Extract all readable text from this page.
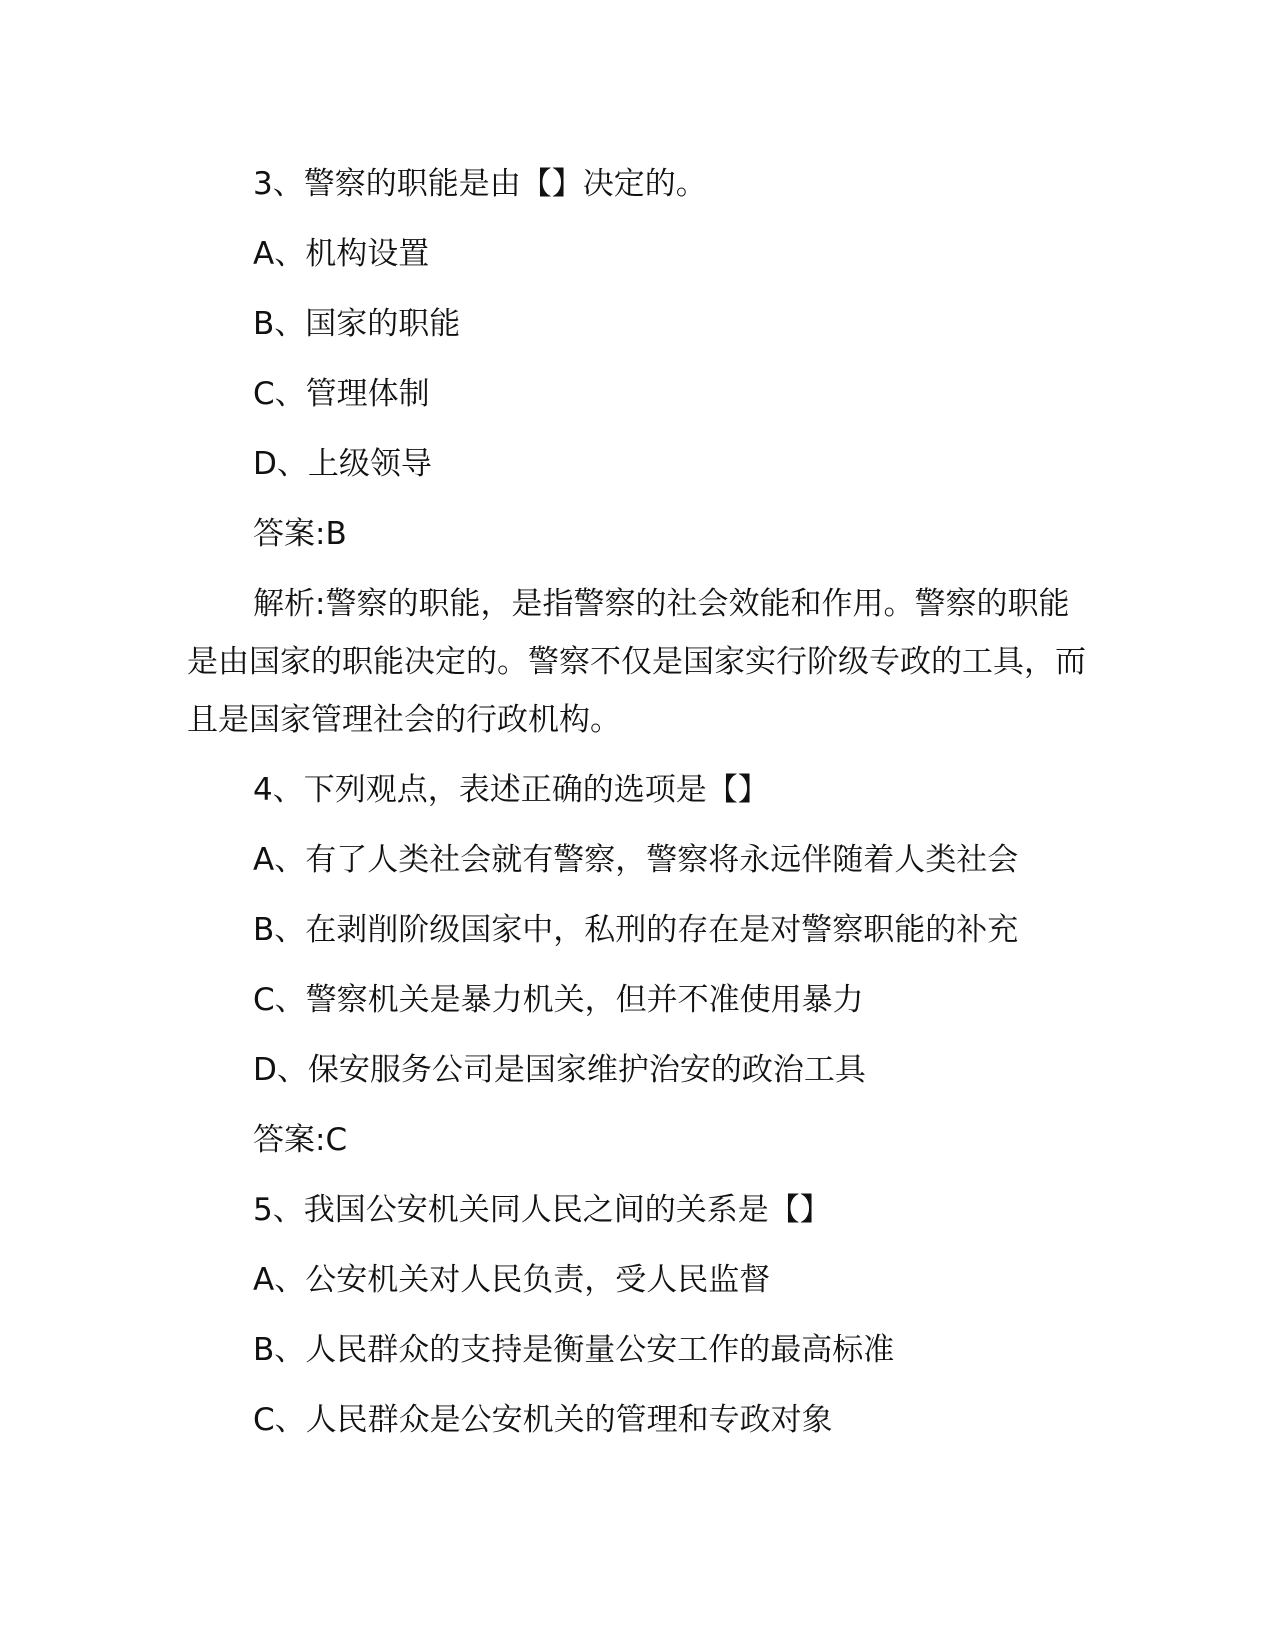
3、警察的职能是由【】决定的。
A、机构设置
B、国家的职能
C、管理体制
D、上级领导
答案:B
解析:警察的职能，是指警察的社会效能和作用。警察的职能是由国家的职能决定的。警察不仅是国家实行阶级专政的工具，而且是国家管理社会的行政机构。
4、下列观点，表述正确的选项是【】
A、有了人类社会就有警察，警察将永远伴随着人类社会
B、在剥削阶级国家中，私刑的存在是对警察职能的补充
C、警察机关是暴力机关，但并不准使用暴力
D、保安服务公司是国家维护治安的政治工具
答案:C
5、我国公安机关同人民之间的关系是【】
A、公安机关对人民负责，受人民监督
B、人民群众的支持是衡量公安工作的最高标准
C、人民群众是公安机关的管理和专政对象
